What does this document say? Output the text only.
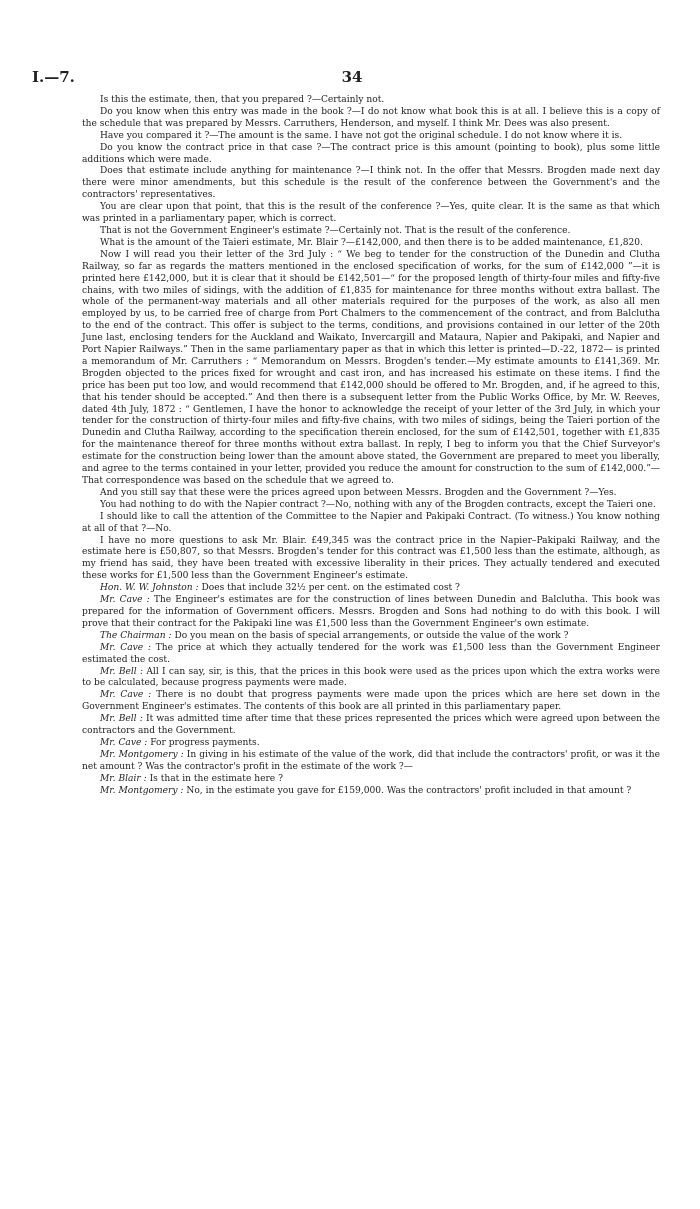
I.—7.	34

Is this the estimate, then, that you prepared ?—Certainly not.

Do you know when this entry was made in the book ?—I do not know what book this is at all. I believe this is a copy of the schedule that was prepared by Messrs. Carruthers, Henderson, and myself. I think Mr. Dees was also present.

Have you compared it ?—The amount is the same. I have not got the original schedule. I do not know where it is.

Do you know the contract price in that case ?—The contract price is this amount (pointing to book), plus some little additions which were made.

Does that estimate include anything for maintenance ?—I think not. In the offer that Messrs. Brogden made next day there were minor amendments, but this schedule is the result of the conference between the Government's and the contractors' representatives.

You are clear upon that point, that this is the result of the conference ?—Yes, quite clear. It is the same as that which was printed in a parliamentary paper, which is correct.

That is not the Government Engineer's estimate ?—Certainly not. That is the result of the conference.

What is the amount of the Taieri estimate, Mr. Blair ?—£142,000, and then there is to be added maintenance, £1,820.

Now I will read you their letter of the 3rd July : “ We beg to tender for the construction of the Dunedin and Clutha Railway, so far as regards the matters mentioned in the enclosed specification of works, for the sum of £142,000 ”—it is printed here £142,000, but it is clear that it should be £142,501—“ for the proposed length of thirty-four miles and fifty-five chains, with two miles of sidings, with the addition of £1,835 for maintenance for three months without extra ballast. The whole of the permanent-way materials and all other materials required for the purposes of the work, as also all men employed by us, to be carried free of charge from Port Chalmers to the commencement of the contract, and from Balclutha to the end of the contract. This offer is subject to the terms, conditions, and provisions contained in our letter of the 20th June last, enclosing tenders for the Auckland and Waikato, Invercargill and Mataura, Napier and Pakipaki, and Napier and Port Napier Railways.” Then in the same parliamentary paper as that in which this letter is printed—D.-22, 1872— is printed a memorandum of Mr. Carruthers : “ Memorandum on Messrs. Brogden's tender.—My estimate amounts to £141,369. Mr. Brogden objected to the prices fixed for wrought and cast iron, and has increased his estimate on these items. I find the price has been put too low, and would recommend that £142,000 should be offered to Mr. Brogden, and, if he agreed to this, that his tender should be accepted.” And then there is a subsequent letter from the Public Works Office, by Mr. W. Reeves, dated 4th July, 1872 : “ Gentlemen, I have the honor to acknowledge the receipt of your letter of the 3rd July, in which your tender for the construction of thirty-four miles and fifty-five chains, with two miles of sidings, being the Taieri portion of the Dunedin and Clutha Railway, according to the specification therein enclosed, for the sum of £142,501, together with £1,835 for the maintenance thereof for three months without extra ballast. In reply, I beg to inform you that the Chief Surveyor's estimate for the construction being lower than the amount above stated, the Government are prepared to meet you liberally, and agree to the terms contained in your letter, provided you reduce the amount for construction to the sum of £142,000.”—That correspondence was based on the schedule that we agreed to.

And you still say that these were the prices agreed upon between Messrs. Brogden and the Government ?—Yes.

You had nothing to do with the Napier contract ?—No, nothing with any of the Brogden contracts, except the Taieri one.

I should like to call the attention of the Committee to the Napier and Pakipaki Contract. (To witness.) You know nothing at all of that ?—No.

I have no more questions to ask Mr. Blair. £49,345 was the contract price in the Napier–Pakipaki Railway, and the estimate here is £50,807, so that Messrs. Brogden's tender for this contract was £1,500 less than the estimate, although, as my friend has said, they have been treated with excessive liberality in their prices. They actually tendered and executed these works for £1,500 less than the Government Engineer's estimate.

Hon. W. W. Johnston : Does that include 32½ per cent. on the estimated cost ?

Mr. Cave : The Engineer's estimates are for the construction of lines between Dunedin and Balclutha. This book was prepared for the information of Government officers. Messrs. Brogden and Sons had nothing to do with this book. I will prove that their contract for the Pakipaki line was £1,500 less than the Government Engineer's own estimate.

The Chairman : Do you mean on the basis of special arrangements, or outside the value of the work ?

Mr. Cave : The price at which they actually tendered for the work was £1,500 less than the Government Engineer estimated the cost.

Mr. Bell : All I can say, sir, is this, that the prices in this book were used as the prices upon which the extra works were to be calculated, because progress payments were made.

Mr. Cave : There is no doubt that progress payments were made upon the prices which are here set down in the Government Engineer's estimates. The contents of this book are all printed in this parliamentary paper.

Mr. Bell : It was admitted time after time that these prices represented the prices which were agreed upon between the contractors and the Government.

Mr. Cave : For progress payments.

Mr. Montgomery : In giving in his estimate of the value of the work, did that include the contractors' profit, or was it the net amount ? Was the contractor's profit in the estimate of the work ?—

Mr. Blair : Is that in the estimate here ?

Mr. Montgomery : No, in the estimate you gave for £159,000. Was the contractors' profit included in that amount ?
